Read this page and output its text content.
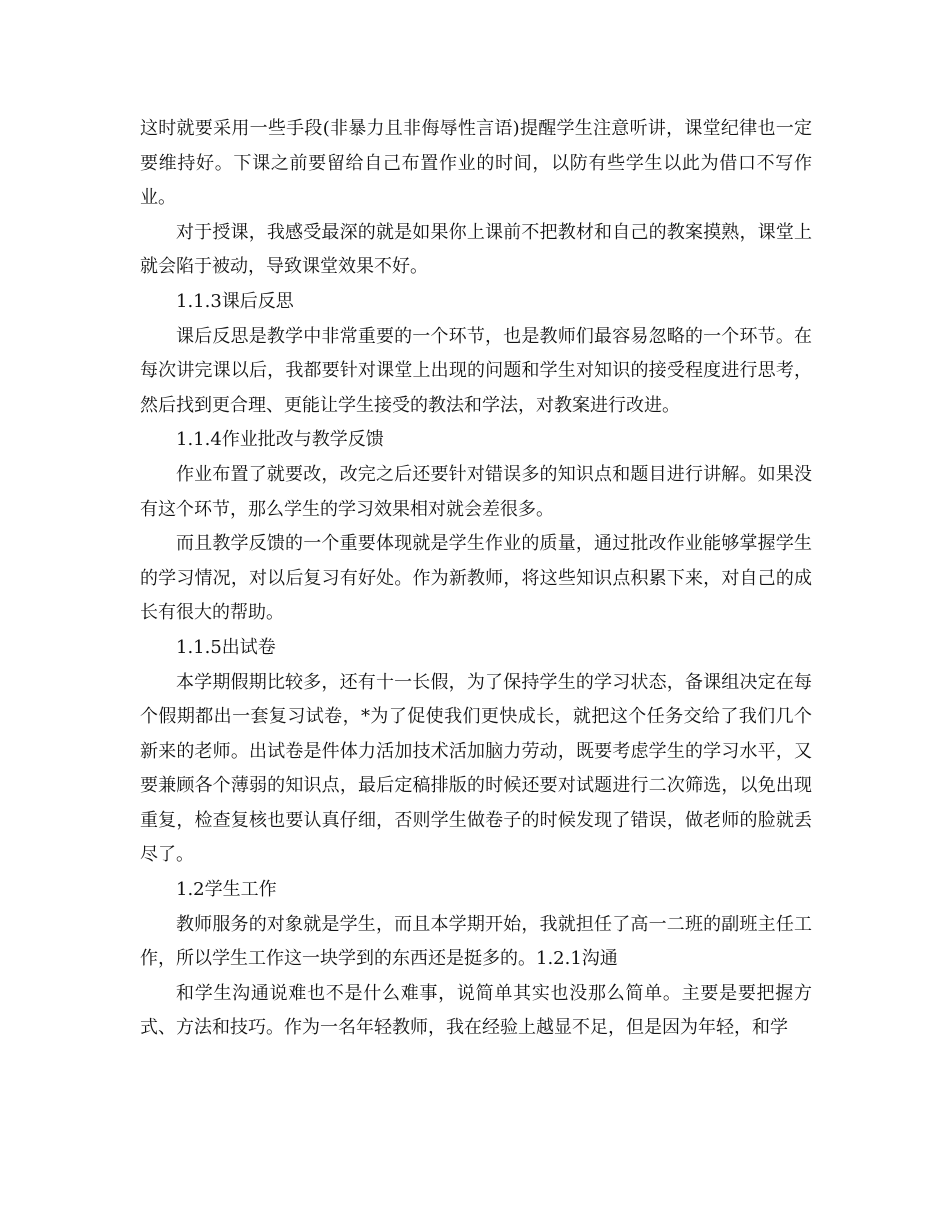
这时就要采用一些手段(非暴力且非侮辱性言语)提醒学生注意听讲，课堂纪律也一定要维持好。下课之前要留给自己布置作业的时间，以防有些学生以此为借口不写作业。

对于授课，我感受最深的就是如果你上课前不把教材和自己的教案摸熟，课堂上就会陷于被动，导致课堂效果不好。

1.1.3课后反思

课后反思是教学中非常重要的一个环节，也是教师们最容易忽略的一个环节。在每次讲完课以后，我都要针对课堂上出现的问题和学生对知识的接受程度进行思考，然后找到更合理、更能让学生接受的教法和学法，对教案进行改进。

1.1.4作业批改与教学反馈

作业布置了就要改，改完之后还要针对错误多的知识点和题目进行讲解。如果没有这个环节，那么学生的学习效果相对就会差很多。

而且教学反馈的一个重要体现就是学生作业的质量，通过批改作业能够掌握学生的学习情况，对以后复习有好处。作为新教师，将这些知识点积累下来，对自己的成长有很大的帮助。

1.1.5出试卷

本学期假期比较多，还有十一长假，为了保持学生的学习状态，备课组决定在每个假期都出一套复习试卷，*为了促使我们更快成长，就把这个任务交给了我们几个新来的老师。出试卷是件体力活加技术活加脑力劳动，既要考虑学生的学习水平，又要兼顾各个薄弱的知识点，最后定稿排版的时候还要对试题进行二次筛选，以免出现重复，检查复核也要认真仔细，否则学生做卷子的时候发现了错误，做老师的脸就丢尽了。

1.2学生工作

教师服务的对象就是学生，而且本学期开始，我就担任了高一二班的副班主任工作，所以学生工作这一块学到的东西还是挺多的。1.2.1沟通

和学生沟通说难也不是什么难事，说简单其实也没那么简单。主要是要把握方式、方法和技巧。作为一名年轻教师，我在经验上越显不足，但是因为年轻，和学
